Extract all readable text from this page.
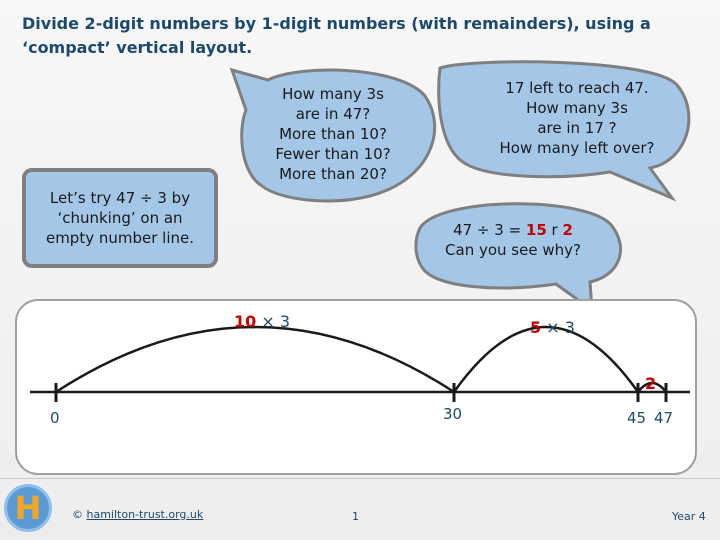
Divide 2-digit numbers by 1-digit numbers (with remainders), using a ‘compact’ vertical layout.
Let’s try 47 ÷ 3 by ‘chunking’ on an empty number line.
How many 3s
are in 47?
More than 10?
Fewer than 10?
More than 20?
17 left to reach 47.
How many 3s
are in 17 ?
How many left over?
47 ÷ 3 = 15 r 2
Can you see why?
10 × 3	5 × 3
2
0	30	45 47
H	© hamilton-trust.org.uk	1	Year 4
